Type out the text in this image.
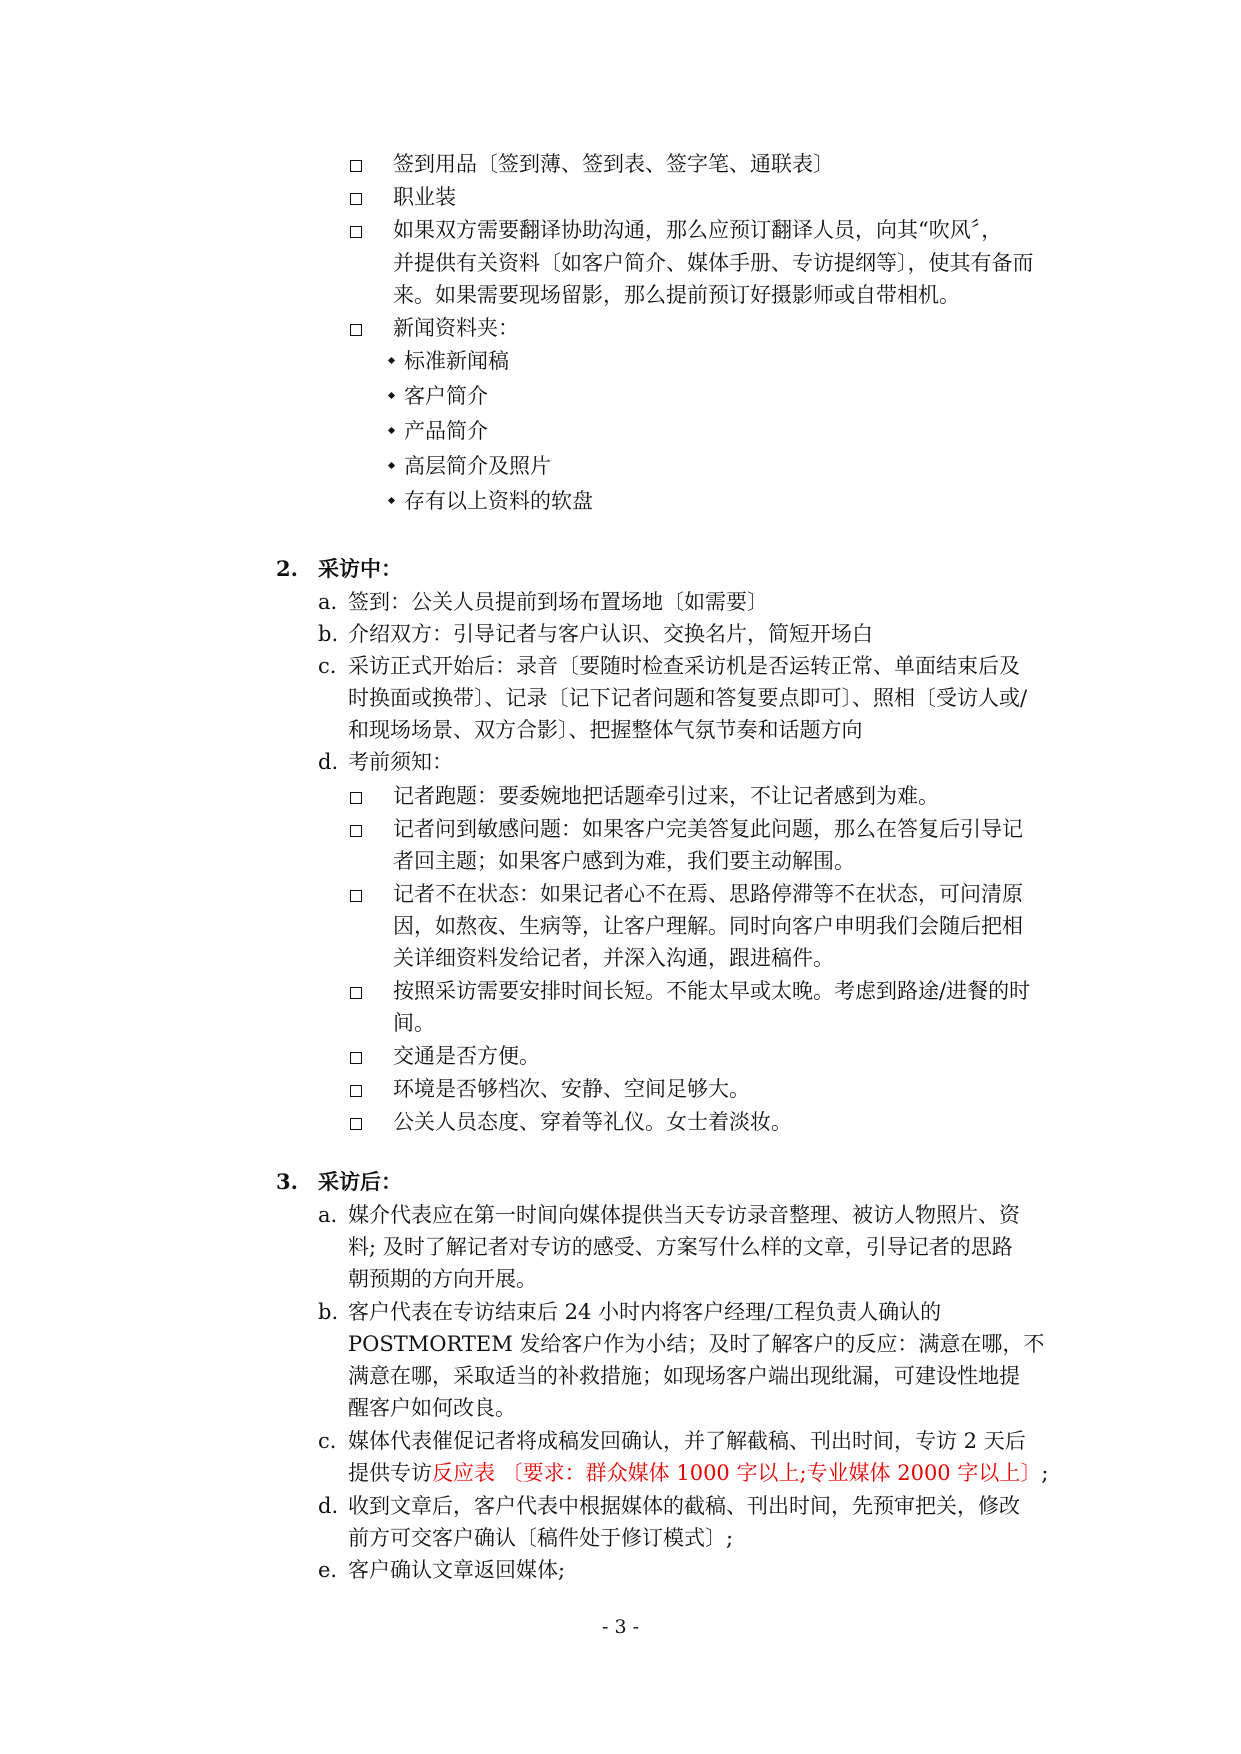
签到用品〔签到薄、签到表、签字笔、通联表〕
职业装
如果双方需要翻译协助沟通，那么应预订翻译人员，向其“吹风〞，
并提供有关资料〔如客户简介、媒体手册、专访提纲等〕，使其有备而
来。如果需要现场留影，那么提前预订好摄影师或自带相机。
新闻资料夹：
标准新闻稿
客户简介
产品简介
高层简介及照片
存有以上资料的软盘
2. 采访中：
a. 签到：公关人员提前到场布置场地〔如需要〕
b. 介绍双方：引导记者与客户认识、交换名片，简短开场白
c. 采访正式开始后：录音〔要随时检查采访机是否运转正常、单面结束后及
时换面或换带〕、记录〔记下记者问题和答复要点即可〕、照相〔受访人或/
和现场场景、双方合影〕、把握整体气氛节奏和话题方向
d. 考前须知：
记者跑题：要委婉地把话题牵引过来，不让记者感到为难。
记者问到敏感问题：如果客户完美答复此问题，那么在答复后引导记
者回主题；如果客户感到为难，我们要主动解围。
记者不在状态：如果记者心不在焉、思路停滞等不在状态，可问清原
因，如熬夜、生病等，让客户理解。同时向客户申明我们会随后把相
关详细资料发给记者，并深入沟通，跟进稿件。
按照采访需要安排时间长短。不能太早或太晚。考虑到路途/进餐的时
间。
交通是否方便。
环境是否够档次、安静、空间足够大。
公关人员态度、穿着等礼仪。女士着淡妆。
3. 采访后：
a. 媒介代表应在第一时间向媒体提供当天专访录音整理、被访人物照片、资
料; 及时了解记者对专访的感受、方案写什么样的文章，引导记者的思路
朝预期的方向开展。
b. 客户代表在专访结束后 24 小时内将客户经理/工程负责人确认的
POSTMORTEM 发给客户作为小结；及时了解客户的反应：满意在哪，不
满意在哪，采取适当的补救措施；如现场客户端出现纰漏，可建设性地提
醒客户如何改良。
c. 媒体代表催促记者将成稿发回确认，并了解截稿、刊出时间，专访 2 天后
提供专访反应表 〔要求：群众媒体 1000 字以上;专业媒体 2000 字以上〕;
d. 收到文章后，客户代表中根据媒体的截稿、刊出时间，先预审把关，修改
前方可交客户确认〔稿件处于修订模式〕;
e. 客户确认文章返回媒体;
- 3 -
